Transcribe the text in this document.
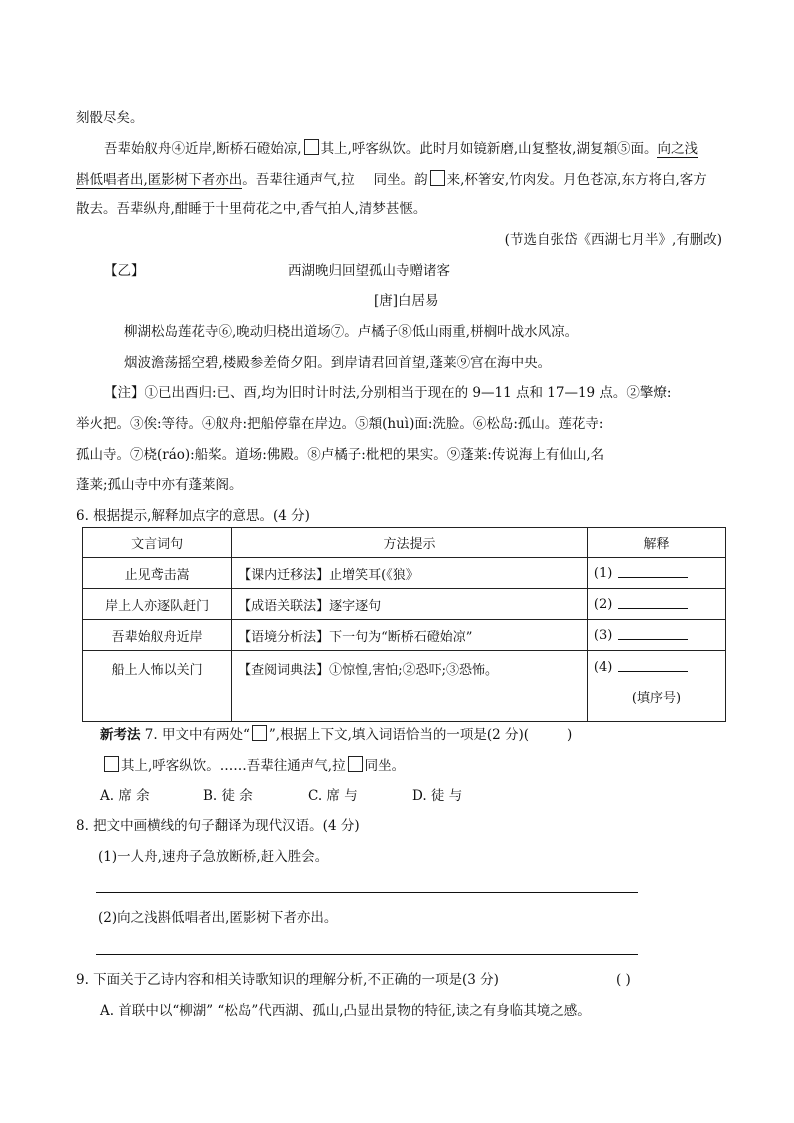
刻骰尽矣。
吾辈始舣舟④近岸,断桥石磴始凉, 其上,呼客纵饮。此时月如镜新磨,山复整妆,湖复頮⑤面。向之浅
斟低唱者出,匿影树下者亦出。吾辈往通声气,拉 同坐。韵 来,杯箸安,竹肉发。月色苍凉,东方将白,客方
散去。吾辈纵舟,酣睡于十里荷花之中,香气拍人,清梦甚惬。
(节选自张岱《西湖七月半》,有删改)
【乙】	西湖晚归回望孤山寺赠诸客
[唐]白居易
柳湖松岛莲花寺⑥,晚动归桡出道场⑦。卢橘子⑧低山雨重,栟榈叶战水风凉。
烟波澹荡摇空碧,楼殿参差倚夕阳。到岸请君回首望,蓬莱⑨宫在海中央。
【注】①已出酉归:已、酉,均为旧时计时法,分别相当于现在的 9—11 点和 17—19 点。②擎燎:
举火把。③俟:等待。④舣舟:把船停靠在岸边。⑤頮(huì)面:洗脸。⑥松岛:孤山。莲花寺:
孤山寺。⑦桡(ráo):船桨。道场:佛殿。⑧卢橘子:枇杷的果实。⑨蓬莱:传说海上有仙山,名
蓬莱;孤山寺中亦有蓬莱阁。
6. 根据提示,解释加点字的意思。(4 分)
文言词句	方法提示	解释
止见鸢击嵩	【课内迁移法】止增笑耳(《狼》	(1)
岸上人亦逐队赶门	【成语关联法】逐字逐句	(2)
吾辈始舣舟近岸	【语境分析法】下一句为“断桥石磴始凉”	(3)
船上人怖以关门	【查阅词典法】①惊惶,害怕;②恐吓;③恐怖。	(4)
(填序号)
新考法 7. 甲文中有两处“ ”,根据上下文,填入词语恰当的一项是(2 分)(	)
其上,呼客纵饮。……吾辈往通声气,拉 同坐。
A. 席 余	B. 徒 余	C. 席 与	D. 徒 与
8. 把文中画横线的句子翻译为现代汉语。(4 分)
(1)一人舟,速舟子急放断桥,赶入胜会。
(2)向之浅斟低唱者出,匿影树下者亦出。
9. 下面关于乙诗内容和相关诗歌知识的理解分析,不正确的一项是(3 分)	( )
A. 首联中以“柳湖” “松岛”代西湖、孤山,凸显出景物的特征,读之有身临其境之感。
